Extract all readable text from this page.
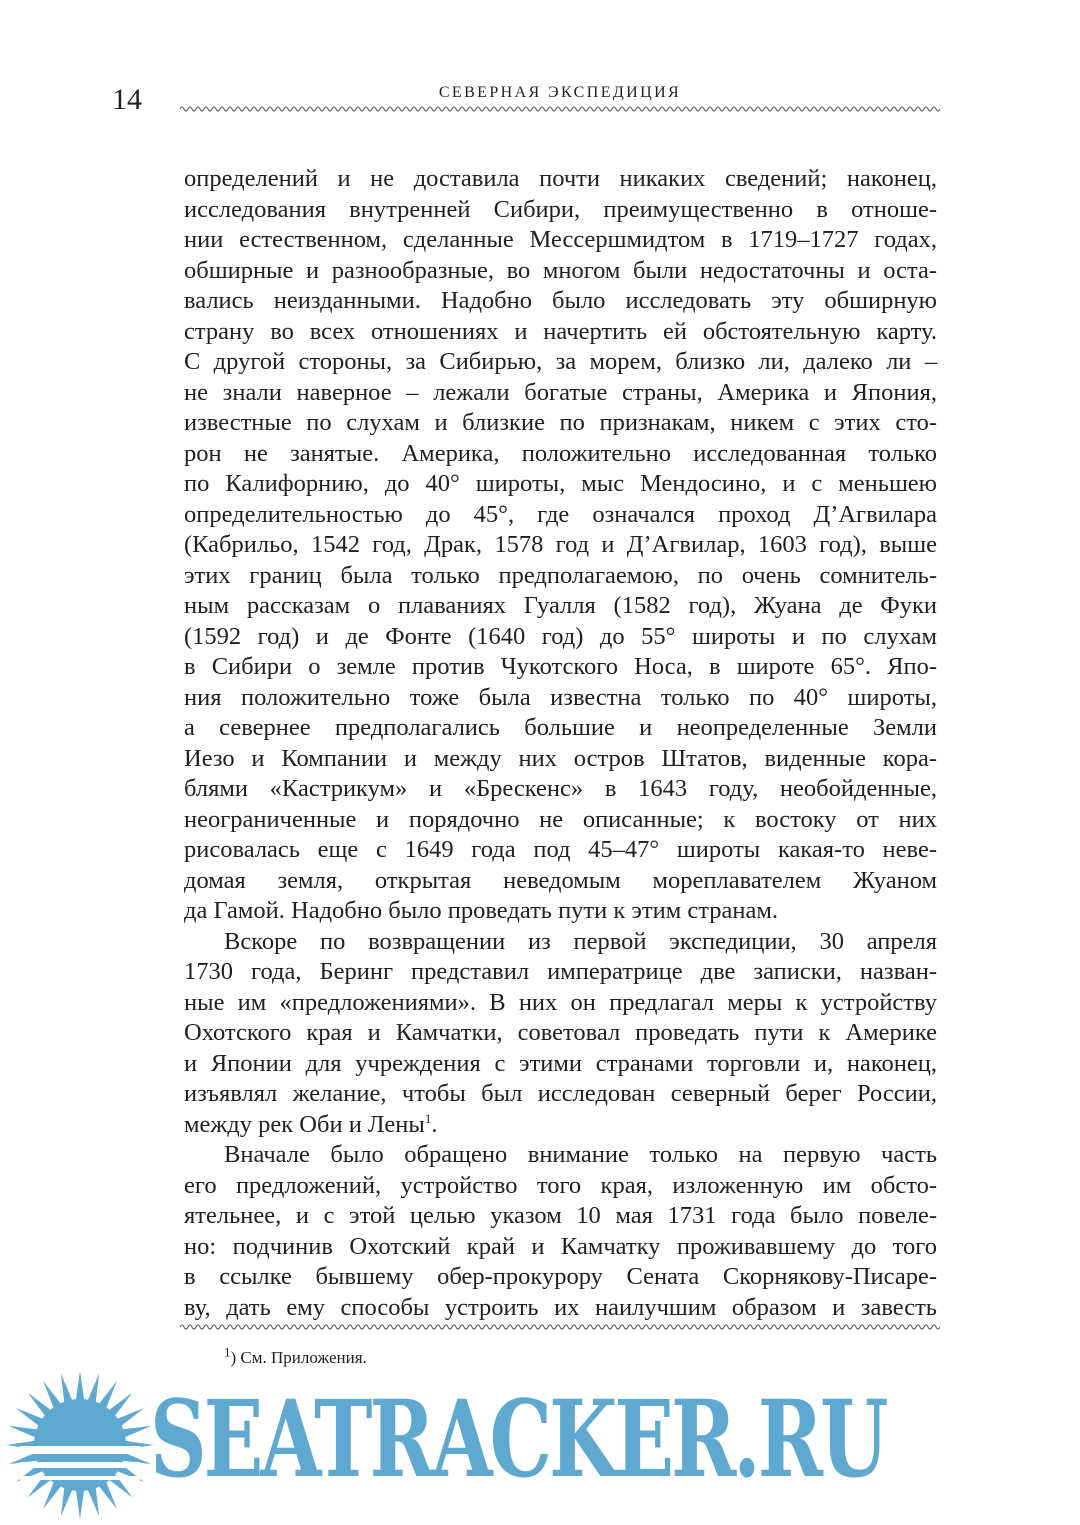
14	СЕВЕРНАЯ ЭКСПЕДИЦИЯ
определений и не доставила почти никаких сведений; наконец,
исследования внутренней Сибири, преимущественно в отноше-
нии естественном, сделанные Мессершмидтом в 1719–1727 годах,
обширные и разнообразные, во многом были недостаточны и оста-
вались неизданными. Надобно было исследовать эту обширную
страну во всех отношениях и начертить ей обстоятельную карту.
С другой стороны, за Сибирью, за морем, близко ли, далеко ли –
не знали наверное – лежали богатые страны, Америка и Япония,
известные по слухам и близкие по признакам, никем с этих сто-
рон не занятые. Америка, положительно исследованная только
по Калифорнию, до 40° широты, мыс Мендосино, и с меньшею
определительностью до 45°, где означался проход Д’Агвилара
(Кабрильо, 1542 год, Драк, 1578 год и Д’Агвилар, 1603 год), выше
этих границ была только предполагаемою, по очень сомнитель-
ным рассказам о плаваниях Гуалля (1582 год), Жуана де Фуки
(1592 год) и де Фонте (1640 год) до 55° широты и по слухам
в Сибири о земле против Чукотского Носа, в широте 65°. Япо-
ния положительно тоже была известна только по 40° широты,
а севернее предполагались большие и неопределенные Земли
Иезо и Компании и между них остров Штатов, виденные кора-
блями «Кастрикум» и «Брескенс» в 1643 году, необойденные,
неограниченные и порядочно не описанные; к востоку от них
рисовалась еще с 1649 года под 45–47° широты какая-то неве-
домая земля, открытая неведомым мореплавателем Жуаном
да Гамой. Надобно было проведать пути к этим странам.
Вскоре по возвращении из первой экспедиции, 30 апреля
1730 года, Беринг представил императрице две записки, назван-
ные им «предложениями». В них он предлагал меры к устройству
Охотского края и Камчатки, советовал проведать пути к Америке
и Японии для учреждения с этими странами торговли и, наконец,
изъявлял желание, чтобы был исследован северный берег России,
между рек Оби и Лены$^1$.
Вначале было обращено внимание только на первую часть
его предложений, устройство того края, изложенную им обсто-
ятельнее, и с этой целью указом 10 мая 1731 года было повеле-
но: подчинив Охотский край и Камчатку проживавшему до того
в ссылке бывшему обер-прокурору Сената Скорнякову-Писаре-
ву, дать ему способы устроить их наилучшим образом и завесть
$^1$) См. Приложения.
SEATRACKER.RU
